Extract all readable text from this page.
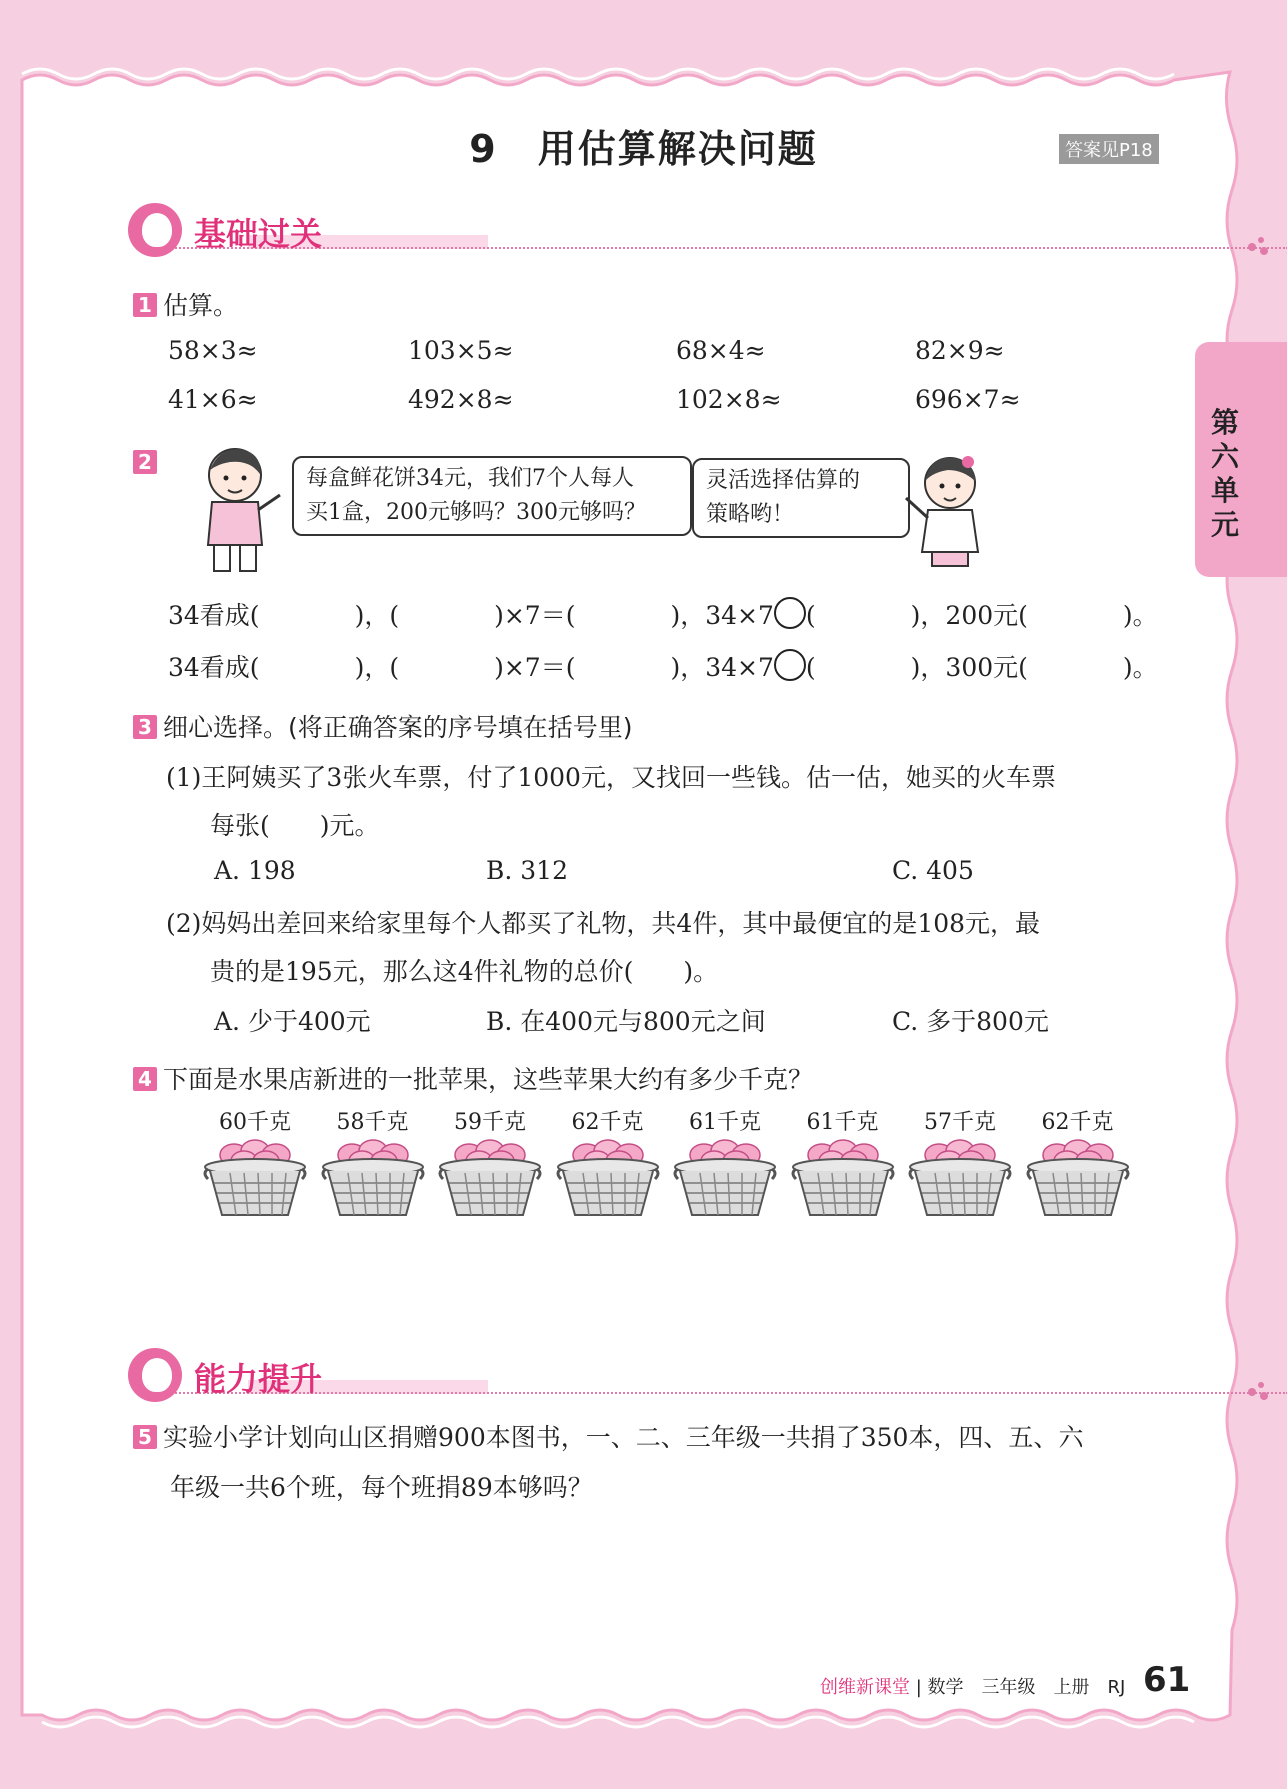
9　用估算解决问题	答案见P18
第六单元
基础过关
1 估算。
58×3≈	103×5≈	68×4≈	82×9≈
41×6≈	492×8≈	102×8≈	696×7≈
2
每盒鲜花饼34元，我们7个人每人
买1盒，200元够吗？300元够吗？
灵活选择估算的
策略哟！
34看成(	)，(	)×7＝(	)，34×7 (	)，200元(	)。
34看成(	)，(	)×7＝(	)，34×7 (	)，300元(	)。
3 细心选择。(将正确答案的序号填在括号里)
(1)王阿姨买了3张火车票，付了1000元，又找回一些钱。估一估，她买的火车票
每张(　　)元。
A. 198	B. 312	C. 405
(2)妈妈出差回来给家里每个人都买了礼物，共4件，其中最便宜的是108元，最
贵的是195元，那么这4件礼物的总价(　　)。
A. 少于400元	B. 在400元与800元之间	C. 多于800元
4 下面是水果店新进的一批苹果，这些苹果大约有多少千克？
60千克	58千克	59千克	62千克	61千克	61千克	57千克	62千克
能力提升
5 实验小学计划向山区捐赠900本图书，一、二、三年级一共捐了350本，四、五、六
年级一共6个班，每个班捐89本够吗？
创维新课堂 | 数学　三年级　上册　RJ 61
